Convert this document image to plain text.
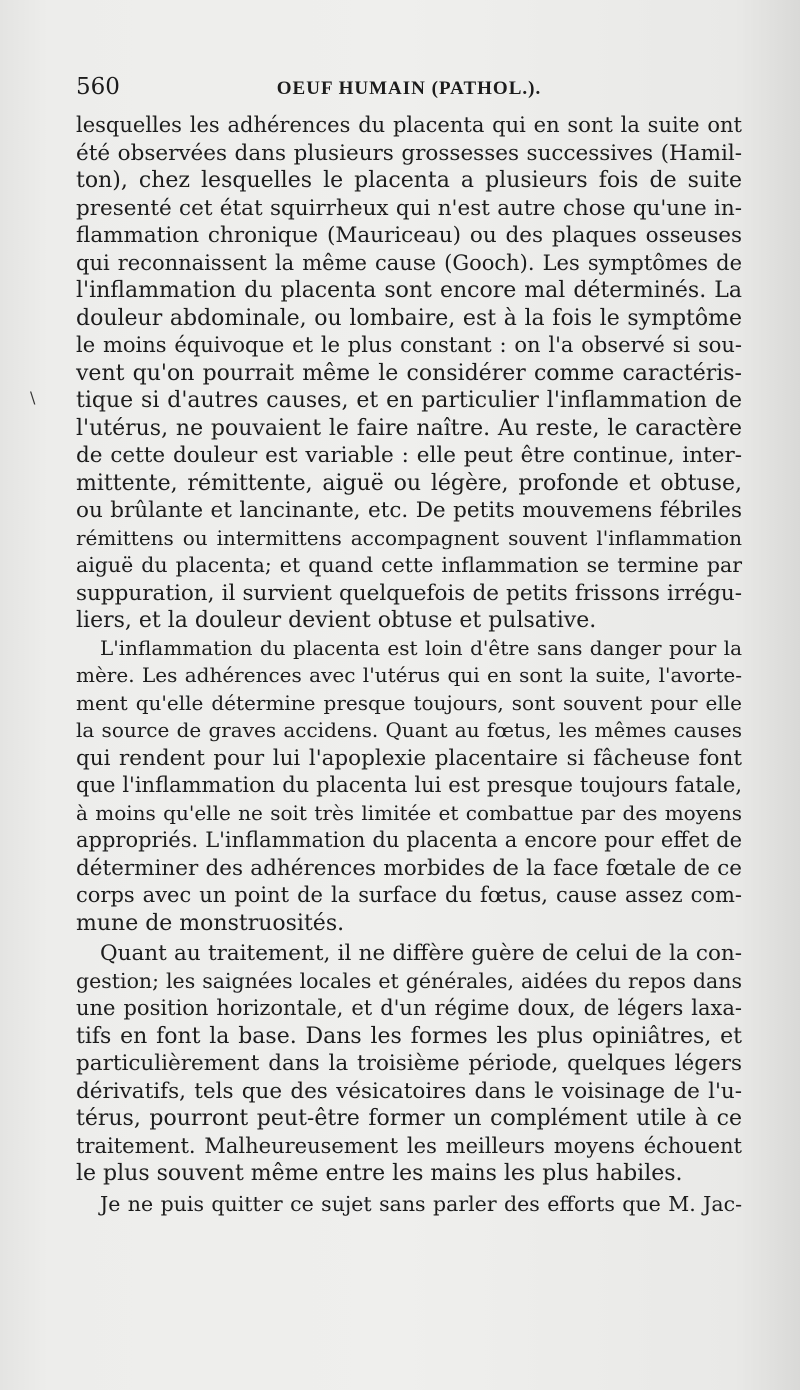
560	OEUF HUMAIN (PATHOL.).
\
lesquelles les adhérences du placenta qui en sont la suite ont
été observées dans plusieurs grossesses successives (Hamil-
ton), chez lesquelles le placenta a plusieurs fois de suite
presenté cet état squirrheux qui n'est autre chose qu'une in-
flammation chronique (Mauriceau) ou des plaques osseuses
qui reconnaissent la même cause (Gooch). Les symptômes de
l'inflammation du placenta sont encore mal déterminés. La
douleur abdominale, ou lombaire, est à la fois le symptôme
le moins équivoque et le plus constant : on l'a observé si sou-
vent qu'on pourrait même le considérer comme caractéris-
tique si d'autres causes, et en particulier l'inflammation de
l'utérus, ne pouvaient le faire naître. Au reste, le caractère
de cette douleur est variable : elle peut être continue, inter-
mittente, rémittente, aiguë ou légère, profonde et obtuse,
ou brûlante et lancinante, etc. De petits mouvemens fébriles
rémittens ou intermittens accompagnent souvent l'inflammation
aiguë du placenta; et quand cette inflammation se termine par
suppuration, il survient quelquefois de petits frissons irrégu-
liers, et la douleur devient obtuse et pulsative.
L'inflammation du placenta est loin d'être sans danger pour la
mère. Les adhérences avec l'utérus qui en sont la suite, l'avorte-
ment qu'elle détermine presque toujours, sont souvent pour elle
la source de graves accidens. Quant au fœtus, les mêmes causes
qui rendent pour lui l'apoplexie placentaire si fâcheuse font
que l'inflammation du placenta lui est presque toujours fatale,
à moins qu'elle ne soit très limitée et combattue par des moyens
appropriés. L'inflammation du placenta a encore pour effet de
déterminer des adhérences morbides de la face fœtale de ce
corps avec un point de la surface du fœtus, cause assez com-
mune de monstruosités.
Quant au traitement, il ne diffère guère de celui de la con-
gestion; les saignées locales et générales, aidées du repos dans
une position horizontale, et d'un régime doux, de légers laxa-
tifs en font la base. Dans les formes les plus opiniâtres, et
particulièrement dans la troisième période, quelques légers
dérivatifs, tels que des vésicatoires dans le voisinage de l'u-
térus, pourront peut-être former un complément utile à ce
traitement. Malheureusement les meilleurs moyens échouent
le plus souvent même entre les mains les plus habiles.
Je ne puis quitter ce sujet sans parler des efforts que M. Jac-
